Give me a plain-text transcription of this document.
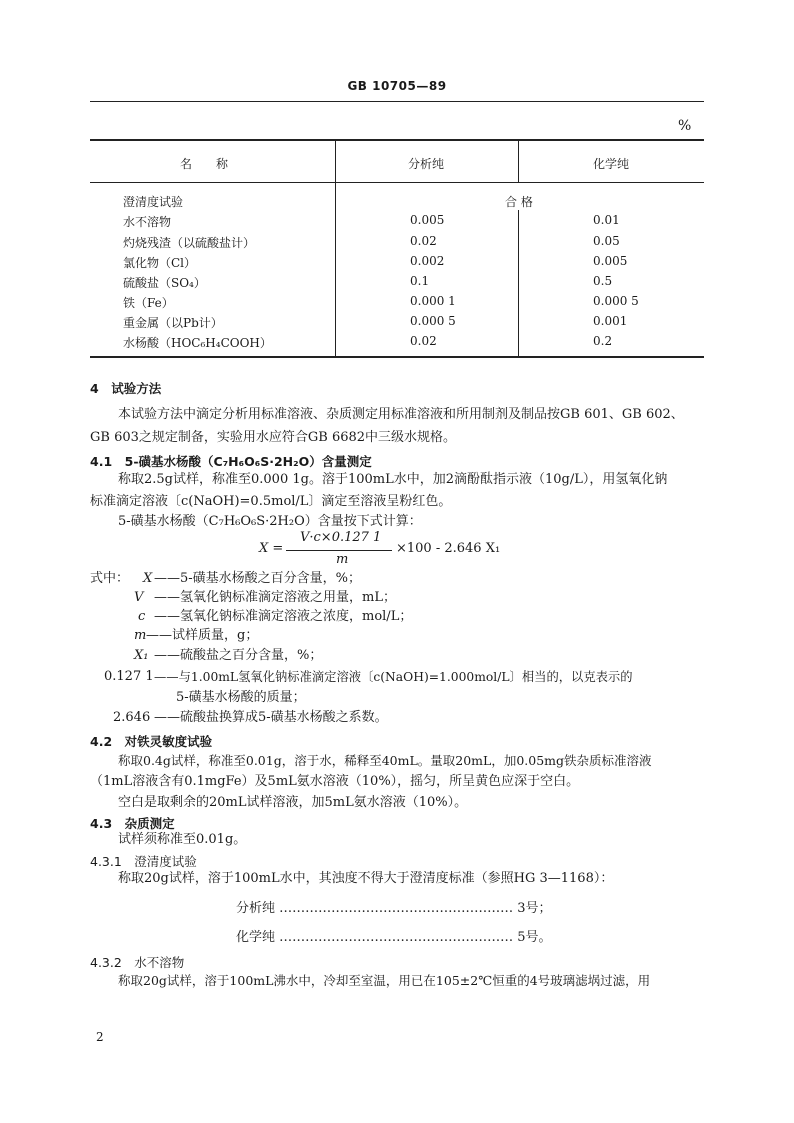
GB 10705—89
%
名　　称	分析纯	化学纯
澄清度试验	合 格
水不溶物	0.005	0.01
灼烧残渣（以硫酸盐计）	0.02	0.05
氯化物（Cl）	0.002	0.005
硫酸盐（SO₄）	0.1	0.5
铁（Fe）	0.000 1	0.000 5
重金属（以Pb计）	0.000 5	0.001
水杨酸（HOC₆H₄COOH）	0.02	0.2
4　试验方法
本试验方法中滴定分析用标准溶液、杂质测定用标准溶液和所用制剂及制品按GB 601、GB 602、
GB 603之规定制备，实验用水应符合GB 6682中三级水规格。
4.1　5-磺基水杨酸（C₇H₆O₆S·2H₂O）含量测定
称取2.5g试样，称准至0.000 1g。溶于100mL水中，加2滴酚酞指示液（10g/L），用氢氧化钠
标准滴定溶液〔c(NaOH)=0.5mol/L〕滴定至溶液呈粉红色。
5-磺基水杨酸（C₇H₆O₆S·2H₂O）含量按下式计算：
X =
V·c×0.127 1
m
×100 - 2.646 X₁
式中： X ——5-磺基水杨酸之百分含量，%；
V ——氢氧化钠标准滴定溶液之用量，mL；
c ——氢氧化钠标准滴定溶液之浓度，mol/L；
m ——试样质量，g；
X₁ ——硫酸盐之百分含量，%；
0.127 1 ——与1.00mL氢氧化钠标准滴定溶液〔c(NaOH)=1.000mol/L〕相当的，以克表示的
5-磺基水杨酸的质量；
2.646 ——硫酸盐换算成5-磺基水杨酸之系数。
4.2　对铁灵敏度试验
称取0.4g试样，称准至0.01g，溶于水，稀释至40mL。量取20mL，加0.05mg铁杂质标准溶液
（1mL溶液含有0.1mgFe）及5mL氨水溶液（10%），摇匀，所呈黄色应深于空白。
空白是取剩余的20mL试样溶液，加5mL氨水溶液（10%）。
4.3　杂质测定
试样须称准至0.01g。
4.3.1　澄清度试验
称取20g试样，溶于100mL水中，其浊度不得大于澄清度标准（参照HG 3—1168）：
分析纯 ……………………………………………… 3号；
化学纯 ……………………………………………… 5号。
4.3.2　水不溶物
称取20g试样，溶于100mL沸水中，冷却至室温，用已在105±2℃恒重的4号玻璃滤埚过滤，用
2
